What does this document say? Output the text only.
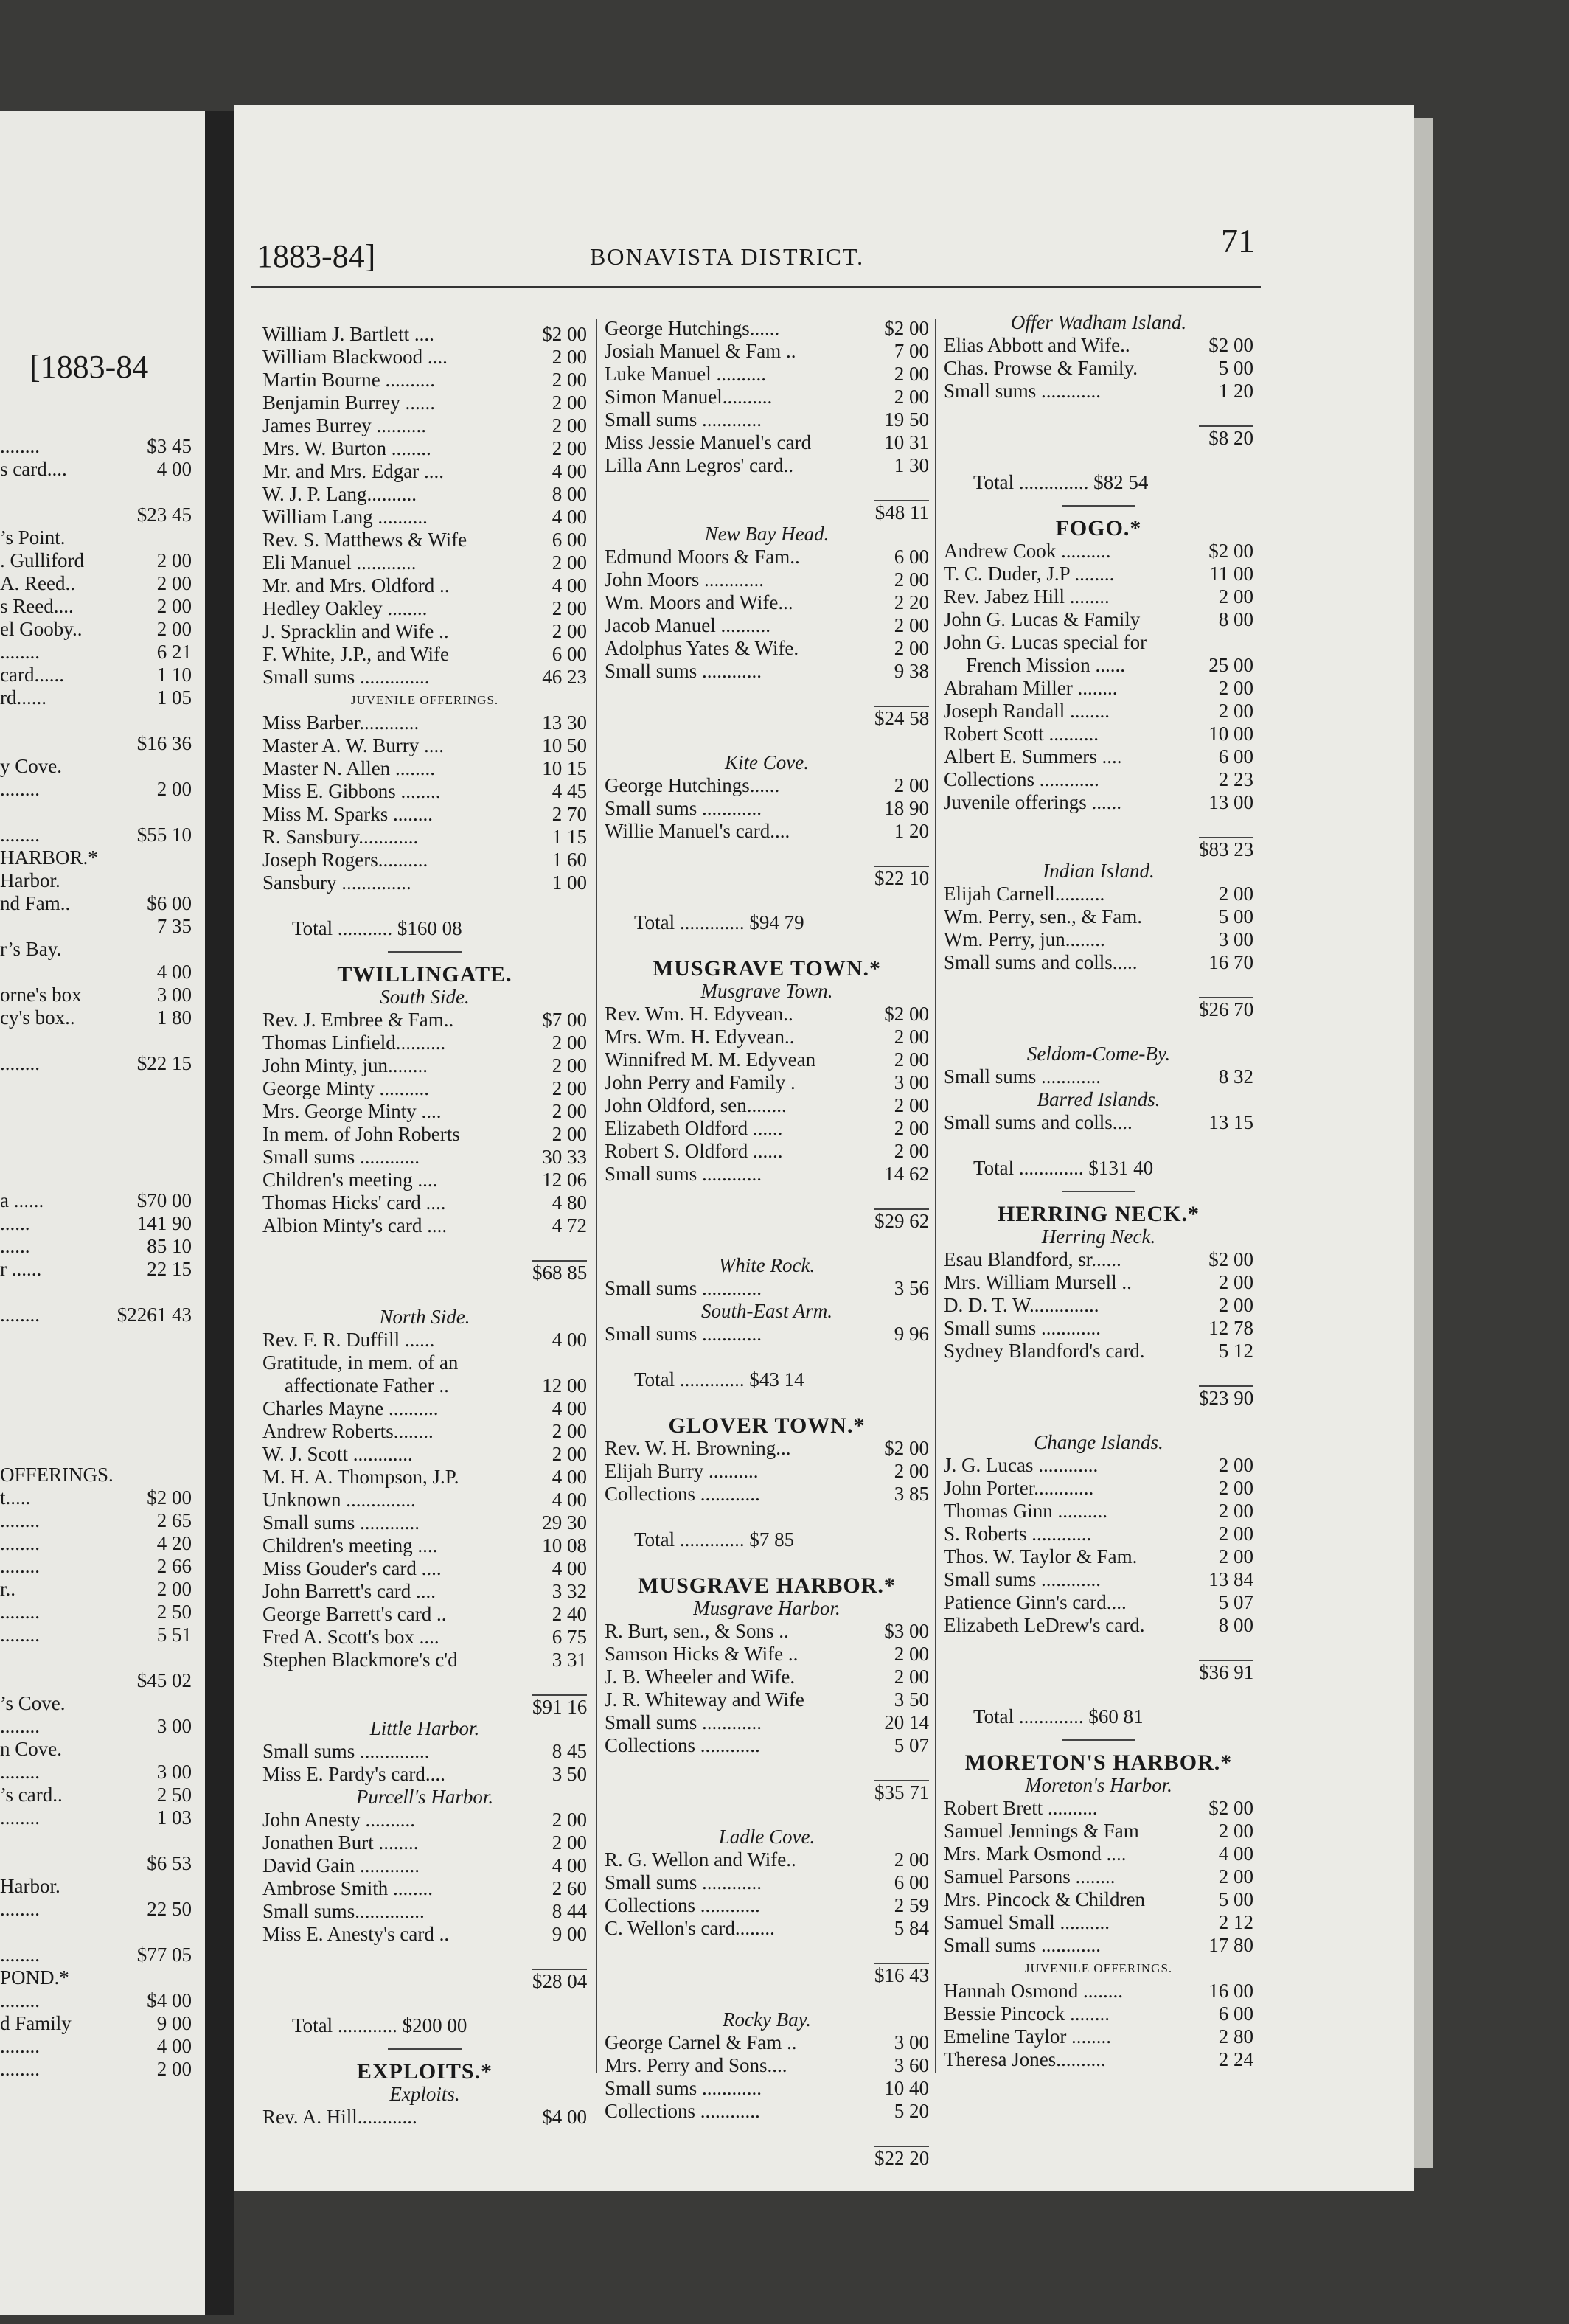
[1883-84
........	$3 45
s card....	4 00
$23 45
’s Point.
. Gulliford	2 00
A. Reed..	2 00
s Reed....	2 00
el Gooby..	2 00
........	6 21
card......	1 10
rd......	1 05
$16 36
y Cove.
........	2 00
........	$55 10
HARBOR.*
Harbor.
nd Fam..	$6 00
7 35
r’s Bay.
4 00
orne's box	3 00
cy's box..	1 80
........	$22 15
a ......	$70 00
......	141 90
......	85 10
r ......	22 15
........	$2261 43
OFFERINGS.
t.....	$2 00
........	2 65
........	4 20
........	2 66
r..	2 00
........	2 50
........	5 51
$45 02
’s Cove.
........	3 00
n Cove.
........	3 00
’s card..	2 50
........	1 03
$6 53
Harbor.
........	22 50
........	$77 05
POND.*
........	$4 00
d Family	9 00
........	4 00
........	2 00
1883-84]	BONAVISTA DISTRICT.	71
William J. Bartlett ....	$2 00
William Blackwood ....	2 00
Martin Bourne ..........	2 00
Benjamin Burrey ......	2 00
James Burrey ..........	2 00
Mrs. W. Burton ........	2 00
Mr. and Mrs. Edgar ....	4 00
W. J. P. Lang..........	8 00
William Lang ..........	4 00
Rev. S. Matthews & Wife	6 00
Eli Manuel ............	2 00
Mr. and Mrs. Oldford ..	4 00
Hedley Oakley ........	2 00
J. Spracklin and Wife ..	2 00
F. White, J.P., and Wife	6 00
Small sums ..............	46 23
JUVENILE OFFERINGS.
Miss Barber............	13 30
Master A. W. Burry ....	10 50
Master N. Allen ........	10 15
Miss E. Gibbons ........	4 45
Miss M. Sparks ........	2 70
R. Sansbury............	1 15
Joseph Rogers..........	1 60
Sansbury ..............	1 00
Total ........... $160 08
TWILLINGATE.
South Side.
Rev. J. Embree & Fam..	$7 00
Thomas Linfield..........	2 00
John Minty, jun........	2 00
George Minty ..........	2 00
Mrs. George Minty ....	2 00
In mem. of John Roberts	2 00
Small sums ............	30 33
Children's meeting ....	12 06
Thomas Hicks' card ....	4 80
Albion Minty's card ....	4 72
$68 85
North Side.
Rev. F. R. Duffill ......	4 00
Gratitude, in mem. of an
affectionate Father ..	12 00
Charles Mayne ..........	4 00
Andrew Roberts........	2 00
W. J. Scott ............	2 00
M. H. A. Thompson, J.P.	4 00
Unknown ..............	4 00
Small sums ............	29 30
Children's meeting ....	10 08
Miss Gouder's card ....	4 00
John Barrett's card ....	3 32
George Barrett's card ..	2 40
Fred A. Scott's box ....	6 75
Stephen Blackmore's c'd	3 31
$91 16
Little Harbor.
Small sums ..............	8 45
Miss E. Pardy's card....	3 50
Purcell's Harbor.
John Anesty ..........	2 00
Jonathen Burt ........	2 00
David Gain ............	4 00
Ambrose Smith ........	2 60
Small sums..............	8 44
Miss E. Anesty's card ..	9 00
$28 04
Total ............ $200 00
EXPLOITS.*
Exploits.
Rev. A. Hill............	$4 00
George Hutchings......	$2 00
Josiah Manuel & Fam ..	7 00
Luke Manuel ..........	2 00
Simon Manuel..........	2 00
Small sums ............	19 50
Miss Jessie Manuel's card	10 31
Lilla Ann Legros' card..	1 30
$48 11
New Bay Head.
Edmund Moors & Fam..	6 00
John Moors ............	2 00
Wm. Moors and Wife...	2 20
Jacob Manuel ..........	2 00
Adolphus Yates & Wife.	2 00
Small sums ............	9 38
$24 58
Kite Cove.
George Hutchings......	2 00
Small sums ............	18 90
Willie Manuel's card....	1 20
$22 10
Total ............. $94 79
MUSGRAVE TOWN.*
Musgrave Town.
Rev. Wm. H. Edyvean..	$2 00
Mrs. Wm. H. Edyvean..	2 00
Winnifred M. M. Edyvean	2 00
John Perry and Family .	3 00
John Oldford, sen........	2 00
Elizabeth Oldford ......	2 00
Robert S. Oldford ......	2 00
Small sums ............	14 62
$29 62
White Rock.
Small sums ............	3 56
South-East Arm.
Small sums ............	9 96
Total ............. $43 14
GLOVER TOWN.*
Rev. W. H. Browning...	$2 00
Elijah Burry ..........	2 00
Collections ............	3 85
Total ............. $7 85
MUSGRAVE HARBOR.*
Musgrave Harbor.
R. Burt, sen., & Sons ..	$3 00
Samson Hicks & Wife ..	2 00
J. B. Wheeler and Wife.	2 00
J. R. Whiteway and Wife	3 50
Small sums ............	20 14
Collections ............	5 07
$35 71
Ladle Cove.
R. G. Wellon and Wife..	2 00
Small sums ............	6 00
Collections ............	2 59
C. Wellon's card........	5 84
$16 43
Rocky Bay.
George Carnel & Fam ..	3 00
Mrs. Perry and Sons....	3 60
Small sums ............	10 40
Collections ............	5 20
$22 20
Offer Wadham Island.
Elias Abbott and Wife..	$2 00
Chas. Prowse & Family.	5 00
Small sums ............	1 20
$8 20
Total .............. $82 54
FOGO.*
Andrew Cook ..........	$2 00
T. C. Duder, J.P ........	11 00
Rev. Jabez Hill ........	2 00
John G. Lucas & Family	8 00
John G. Lucas special for
French Mission ......	25 00
Abraham Miller ........	2 00
Joseph Randall ........	2 00
Robert Scott ..........	10 00
Albert E. Summers ....	6 00
Collections ............	2 23
Juvenile offerings ......	13 00
$83 23
Indian Island.
Elijah Carnell..........	2 00
Wm. Perry, sen., & Fam.	5 00
Wm. Perry, jun........	3 00
Small sums and colls.....	16 70
$26 70
Seldom-Come-By.
Small sums ............	8 32
Barred Islands.
Small sums and colls....	13 15
Total ............. $131 40
HERRING NECK.*
Herring Neck.
Esau Blandford, sr......	$2 00
Mrs. William Mursell ..	2 00
D. D. T. W..............	2 00
Small sums ............	12 78
Sydney Blandford's card.	5 12
$23 90
Change Islands.
J. G. Lucas ............	2 00
John Porter............	2 00
Thomas Ginn ..........	2 00
S. Roberts ............	2 00
Thos. W. Taylor & Fam.	2 00
Small sums ............	13 84
Patience Ginn's card....	5 07
Elizabeth LeDrew's card.	8 00
$36 91
Total ............. $60 81
MORETON'S HARBOR.*
Moreton's Harbor.
Robert Brett ..........	$2 00
Samuel Jennings & Fam	2 00
Mrs. Mark Osmond ....	4 00
Samuel Parsons ........	2 00
Mrs. Pincock & Children	5 00
Samuel Small ..........	2 12
Small sums ............	17 80
JUVENILE OFFERINGS.
Hannah Osmond ........	16 00
Bessie Pincock ........	6 00
Emeline Taylor ........	2 80
Theresa Jones..........	2 24
